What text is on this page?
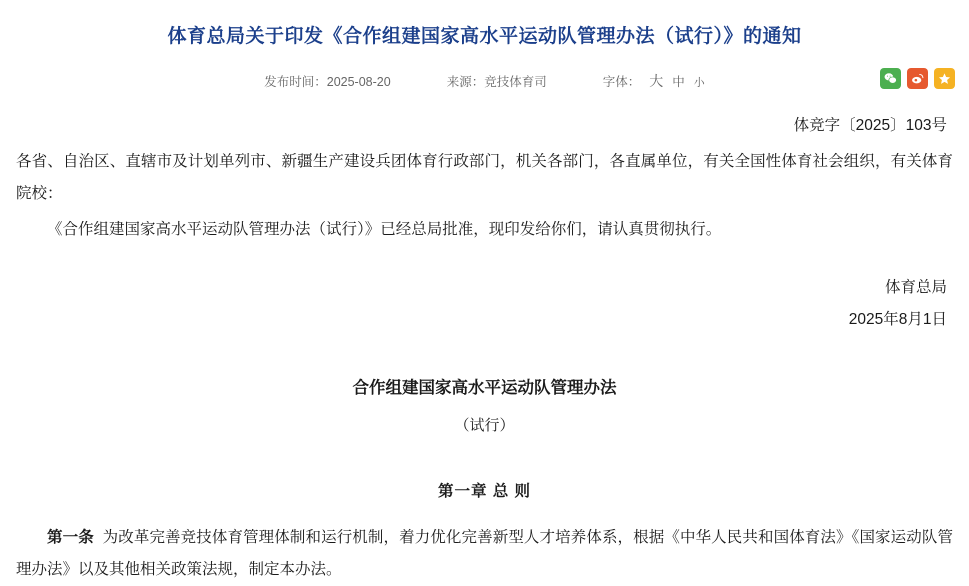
体育总局关于印发《合作组建国家高水平运动队管理办法（试行）》的通知
发布时间：2025-08-20	来源：竞技体育司	字体： 大 中 小
体竞字〔2025〕103号
各省、自治区、直辖市及计划单列市、新疆生产建设兵团体育行政部门，机关各部门，各直属单位，有关全国性体育社会组织，有关体育院校：
《合作组建国家高水平运动队管理办法（试行）》已经总局批准，现印发给你们，请认真贯彻执行。
体育总局
2025年8月1日
合作组建国家高水平运动队管理办法
（试行）
第一章 总 则
第一条 为改革完善竞技体育管理体制和运行机制，着力优化完善新型人才培养体系，根据《中华人民共和国体育法》《国家运动队管理办法》以及其他相关政策法规，制定本办法。
